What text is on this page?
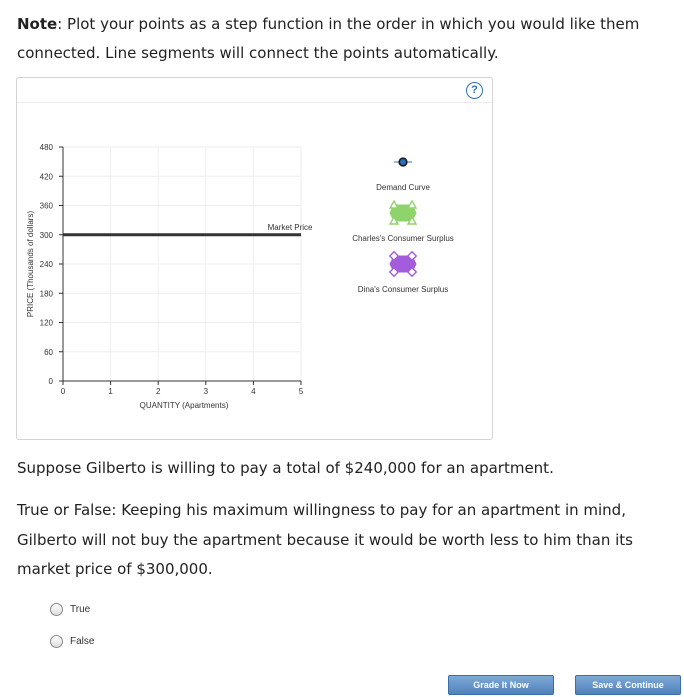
Note: Plot your points as a step function in the order in which you would like them connected. Line segments will connect the points automatically.
?
0
60
120
180
240
300
360
420
480
0	1	2	3	4	5
QUANTITY (Apartments)
PRICE (Thousands of dollars)	Market Price
Demand Curve
Charles's Consumer Surplus
Dina's Consumer Surplus
Suppose Gilberto is willing to pay a total of $240,000 for an apartment.
True or False: Keeping his maximum willingness to pay for an apartment in mind, Gilberto will not buy the apartment because it would be worth less to him than its market price of $300,000.
True
False
Grade It Now	Save & Continue
